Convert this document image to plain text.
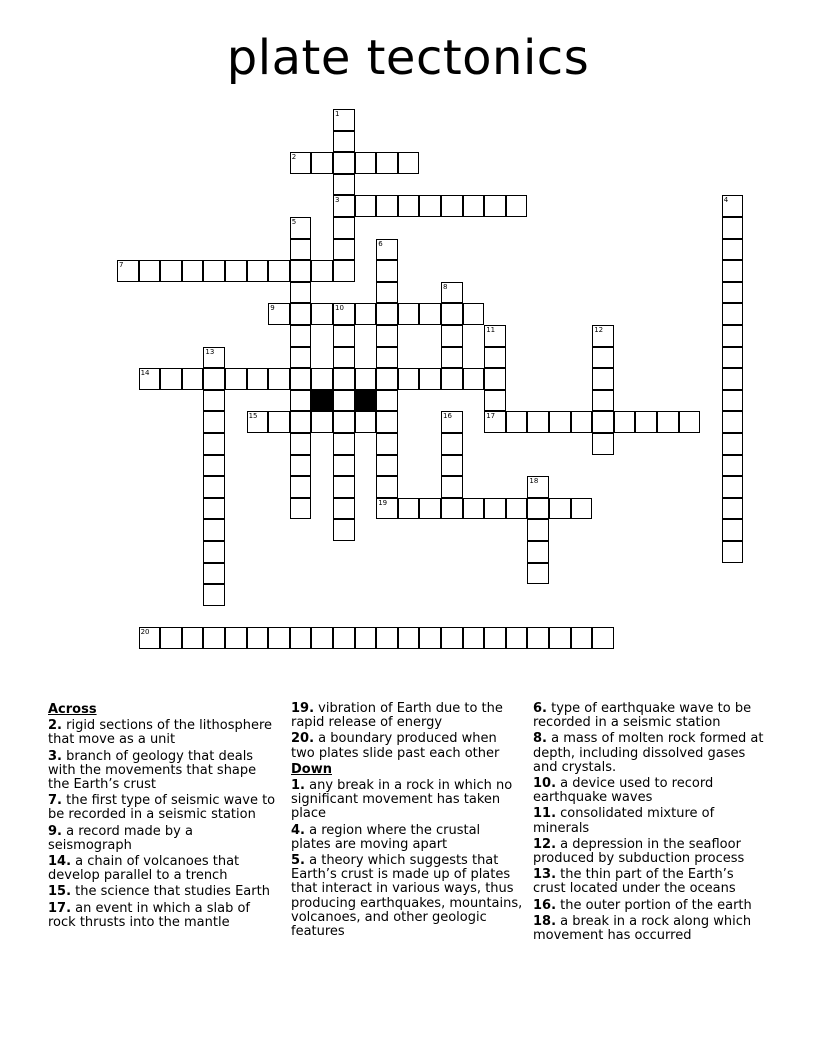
plate tectonics
1
3
2
4
5
6
7
8
9	10
11	12
13
14
15	16	17
18
19
20
Across
2. rigid sections of the lithosphere that move as a unit
3. branch of geology that deals with the movements that shape the Earth’s crust
7. the first type of seismic wave to be recorded in a seismic station
9. a record made by a seismograph
14. a chain of volcanoes that develop parallel to a trench
15. the science that studies Earth
17. an event in which a slab of rock thrusts into the mantle
19. vibration of Earth due to the rapid release of energy
20. a boundary produced when two plates slide past each other
Down
1. any break in a rock in which no significant movement has taken place
4. a region where the crustal plates are moving apart
5. a theory which suggests that Earth’s crust is made up of plates that interact in various ways, thus producing earthquakes, mountains, volcanoes, and other geologic features
6. type of earthquake wave to be recorded in a seismic station
8. a mass of molten rock formed at depth, including dissolved gases and crystals.
10. a device used to record earthquake waves
11. consolidated mixture of minerals
12. a depression in the seafloor produced by subduction process
13. the thin part of the Earth’s crust located under the oceans
16. the outer portion of the earth
18. a break in a rock along which movement has occurred
